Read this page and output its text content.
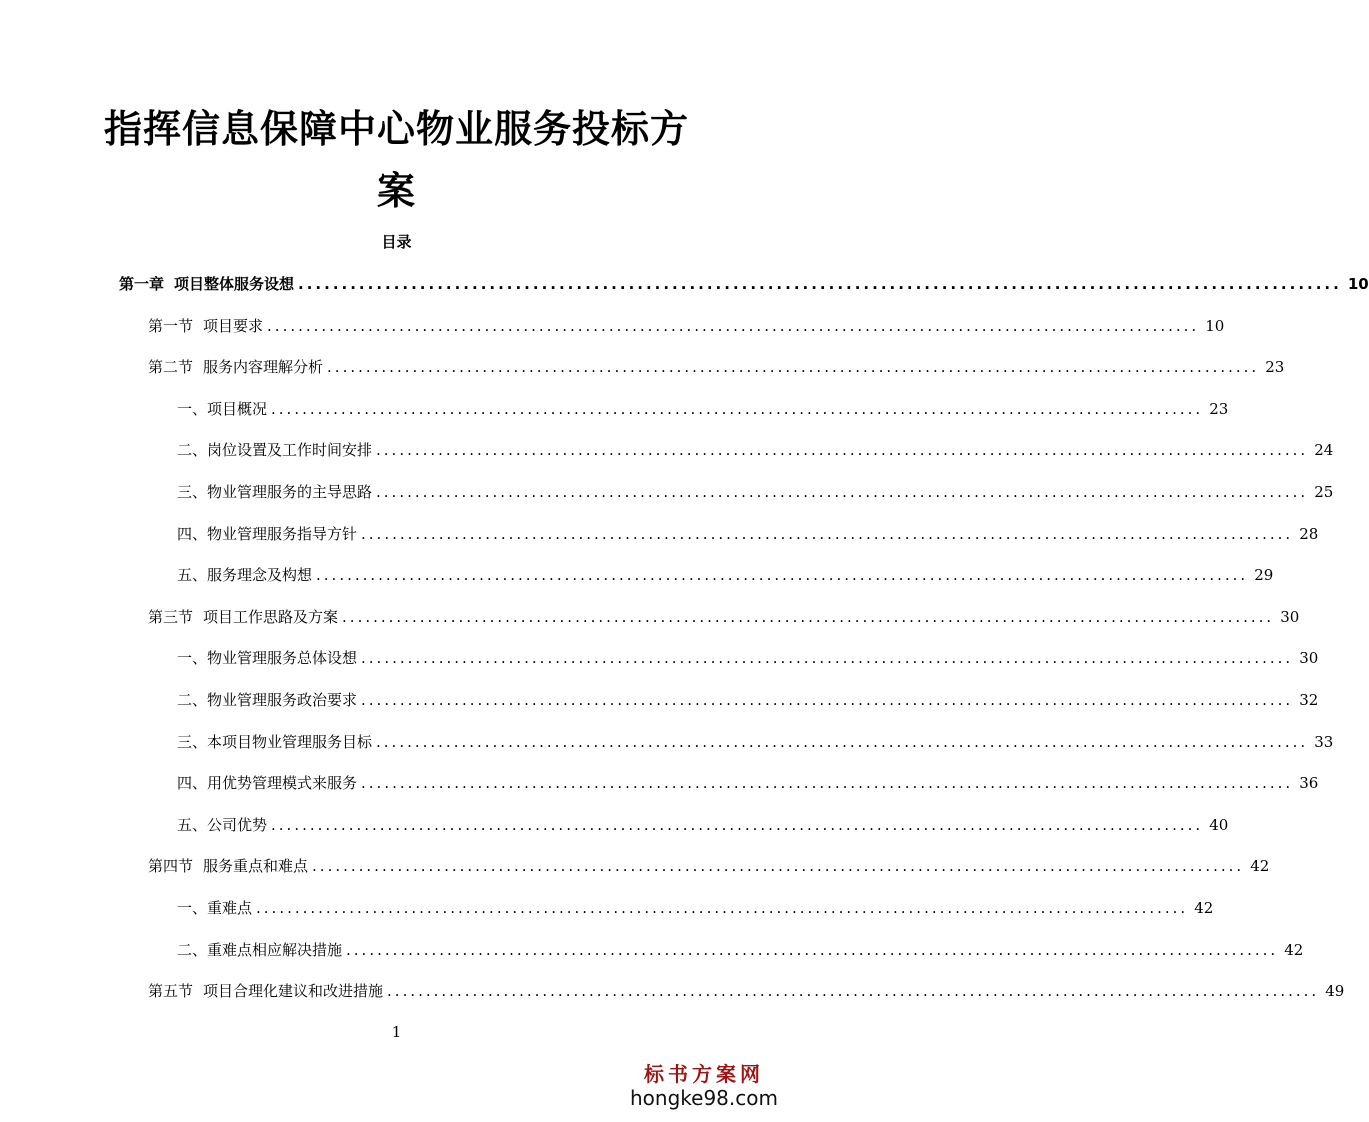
指挥信息保障中心物业服务投标方
案
目录
第一章 项目整体服务设想 ........................................................................................................................ 10
第一节 项目要求 ........................................................................................................................ 10
第二节 服务内容理解分析 ........................................................................................................................ 23
一、项目概况 ........................................................................................................................ 23
二、岗位设置及工作时间安排 ........................................................................................................................ 24
三、物业管理服务的主导思路 ........................................................................................................................ 25
四、物业管理服务指导方针 ........................................................................................................................ 28
五、服务理念及构想 ........................................................................................................................ 29
第三节 项目工作思路及方案 ........................................................................................................................ 30
一、物业管理服务总体设想 ........................................................................................................................ 30
二、物业管理服务政治要求 ........................................................................................................................ 32
三、本项目物业管理服务目标 ........................................................................................................................ 33
四、用优势管理模式来服务 ........................................................................................................................ 36
五、公司优势 ........................................................................................................................ 40
第四节 服务重点和难点 ........................................................................................................................ 42
一、重难点 ........................................................................................................................ 42
二、重难点相应解决措施 ........................................................................................................................ 42
第五节 项目合理化建议和改进措施 ........................................................................................................................ 49
1
标书方案网
hongke98.com
